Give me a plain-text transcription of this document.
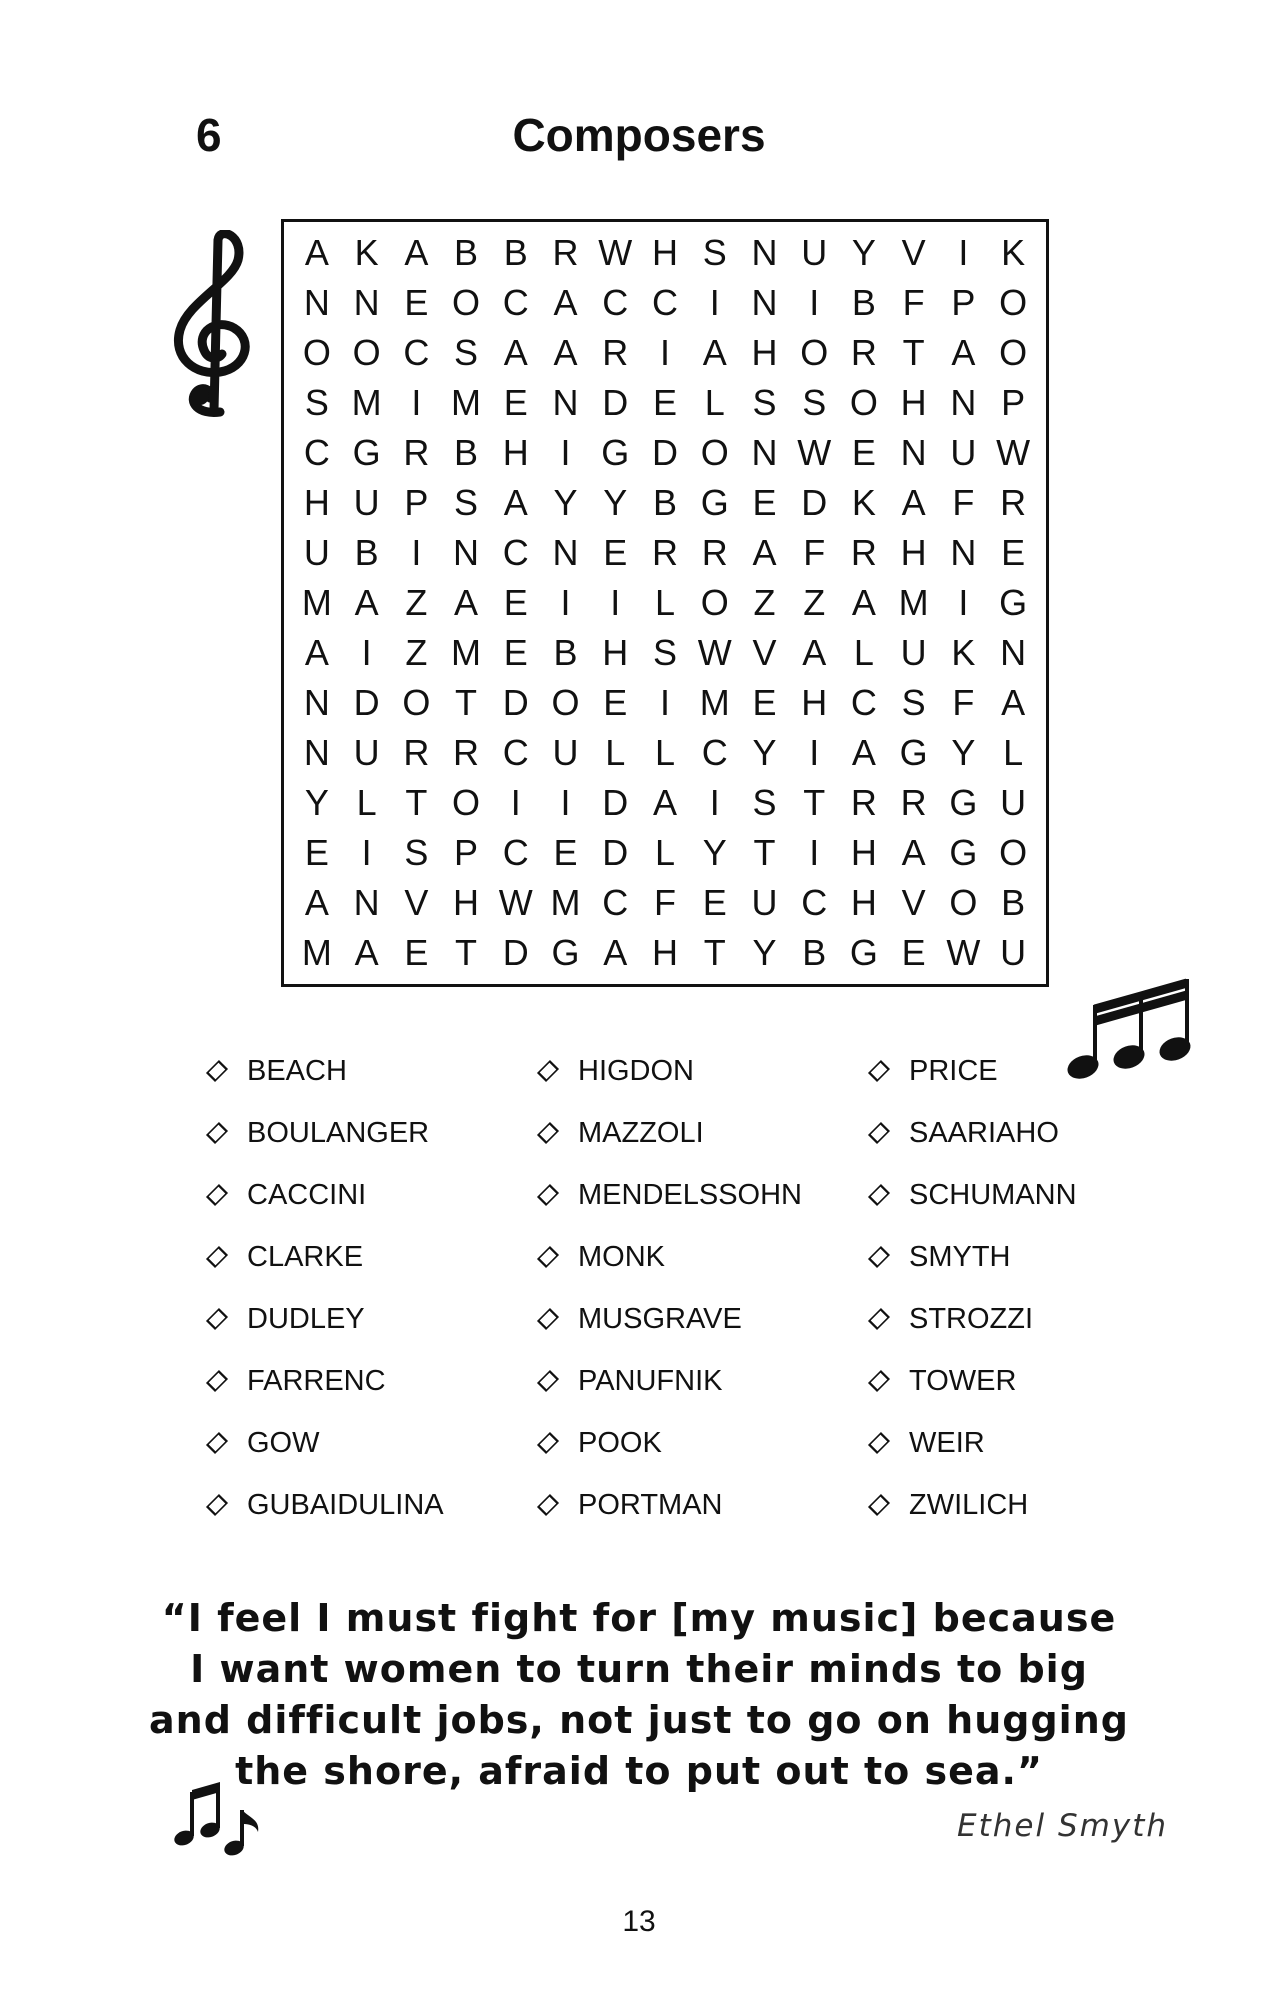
6	Composers
A K A B B R W H S N U Y V I K
N N E O C A C C I N I B F P O
O O C S A A R I A H O R T A O
S M I M E N D E L S S O H N P
C G R B H I G D O N W E N U W
H U P S A Y Y B G E D K A F R
U B I N C N E R R A F R H N E
M A Z A E I	I L O Z Z A M I G
A I Z M E B H S W V A L U K N
N D O T D O E I M E H C S F A
N U R R C U L L C Y I A G Y L
Y L T O I	I D A I S T R R G U
E I S P C E D L Y T I H A G O
A N V H W M C F E U C H V O B
M A E T D G A H T Y B G E W U
BEACH
BOULANGER
CACCINI
CLARKE
DUDLEY
FARRENC
GOW
GUBAIDULINA
HIGDON
MAZZOLI
MENDELSSOHN
MONK
MUSGRAVE
PANUFNIK
POOK
PORTMAN
PRICE
SAARIAHO
SCHUMANN
SMYTH
STROZZI
TOWER
WEIR
ZWILICH
“I feel I must fight for [my music] because
I want women to turn their minds to big
and difficult jobs, not just to go on hugging
the shore, afraid to put out to sea.”
Ethel Smyth
13
